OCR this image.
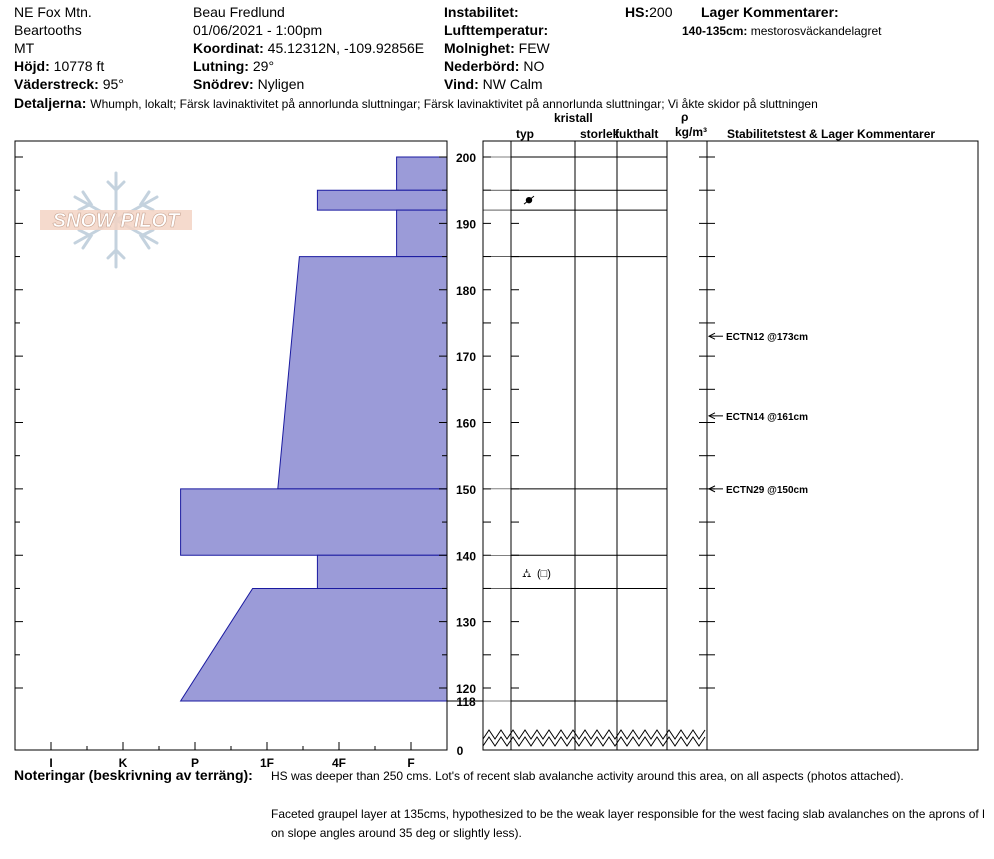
NE Fox Mtn.
Beartooths
MT
Höjd: 10778 ft
Väderstreck: 95°
Beau Fredlund
01/06/2021 - 1:00pm
Koordinat: 45.12312N, -109.92856E
Lutning: 29°
Snödrev: Nyligen
Instabilitet:
Lufttemperatur:
Molnighet: FEW
Nederbörd: NO
Vind: NW Calm
HS:200 Lager Kommentarer:
140-135cm: mestorosväckandelagret
Detaljerna: Whumph, lokalt; Färsk lavinaktivitet på annorlunda sluttningar; Färsk lavinaktivitet på annorlunda sluttningar; Vi åkte skidor på sluttningen
kristall
typ	storlek
fukthalt
ρ
kg/m³ Stabilitetstest & Lager Kommentarer
SNOW PILOT
120
130
140
150
160
170
180
190
200
118
0
I	K	P	1F	4F	F
⛼ (□)
ECTN12 @173cm
ECTN14 @161cm
ECTN29 @150cm
Noteringar (beskrivning av terräng): HS was deeper than 250 cms. Lot's of recent slab avalanche activity around this area, on all aspects (photos attached).
Faceted graupel layer at 135cms, hypothesized to be the weak layer responsible for the west facing slab avalanches on the aprons of l
on slope angles around 35 deg or slightly less).
